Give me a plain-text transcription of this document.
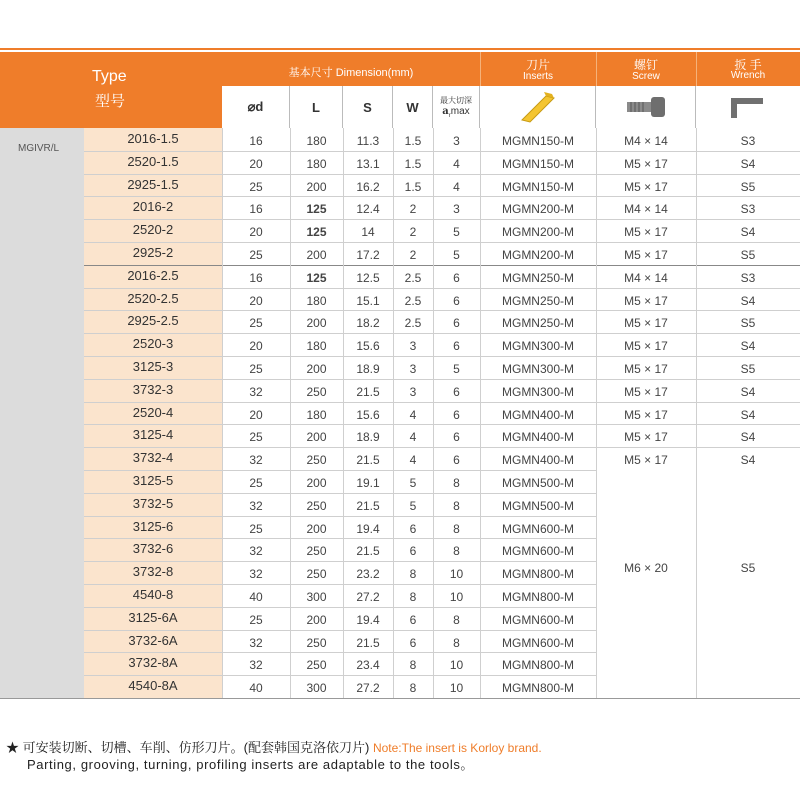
Type
型号
基本尺寸 Dimension(mm)
刀片
Inserts
螺钉
Screw
扳 手
Wrench
⌀d	L	S	W	最大切深
$a_r\max$
MGIVR/L
2016-1.5	16	180	11.3	1.5	3	MGMN150-M	M4 × 14	S3
2520-1.5	20	180	13.1	1.5	4	MGMN150-M	M5 × 17	S4
2925-1.5	25	200	16.2	1.5	4	MGMN150-M	M5 × 17	S5
2016-2	16	125	12.4	2	3	MGMN200-M	M4 × 14	S3
2520-2	20	125	14	2	5	MGMN200-M	M5 × 17	S4
2925-2	25	200	17.2	2	5	MGMN200-M	M5 × 17	S5
2016-2.5	16	125	12.5	2.5	6	MGMN250-M	M4 × 14	S3
2520-2.5	20	180	15.1	2.5	6	MGMN250-M	M5 × 17	S4
2925-2.5	25	200	18.2	2.5	6	MGMN250-M	M5 × 17	S5
2520-3	20	180	15.6	3	6	MGMN300-M	M5 × 17	S4
3125-3	25	200	18.9	3	5	MGMN300-M	M5 × 17	S5
3732-3	32	250	21.5	3	6	MGMN300-M	M5 × 17	S4
2520-4	20	180	15.6	4	6	MGMN400-M	M5 × 17	S4
3125-4	25	200	18.9	4	6	MGMN400-M	M5 × 17	S4
3732-4	32	250	21.5	4	6	MGMN400-M	M5 × 17	S4
3125-5	25	200	19.1	5	8	MGMN500-M
3732-5	32	250	21.5	5	8	MGMN500-M
3125-6	25	200	19.4	6	8	MGMN600-M
3732-6	32	250	21.5	6	8	MGMN600-M
3732-8	32	250	23.2	8	10	MGMN800-M
4540-8	40	300	27.2	8	10	MGMN800-M
3125-6A	25	200	19.4	6	8	MGMN600-M
3732-6A	32	250	21.5	6	8	MGMN600-M
3732-8A	32	250	23.4	8	10	MGMN800-M
4540-8A	40	300	27.2	8	10	MGMN800-M
M6 × 20	S5
★ 可安装切断、切槽、车削、仿形刀片。(配套韩国克洛依刀片) Note:The insert is Korloy brand.
Parting, grooving, turning, profiling inserts are adaptable to the tools。
